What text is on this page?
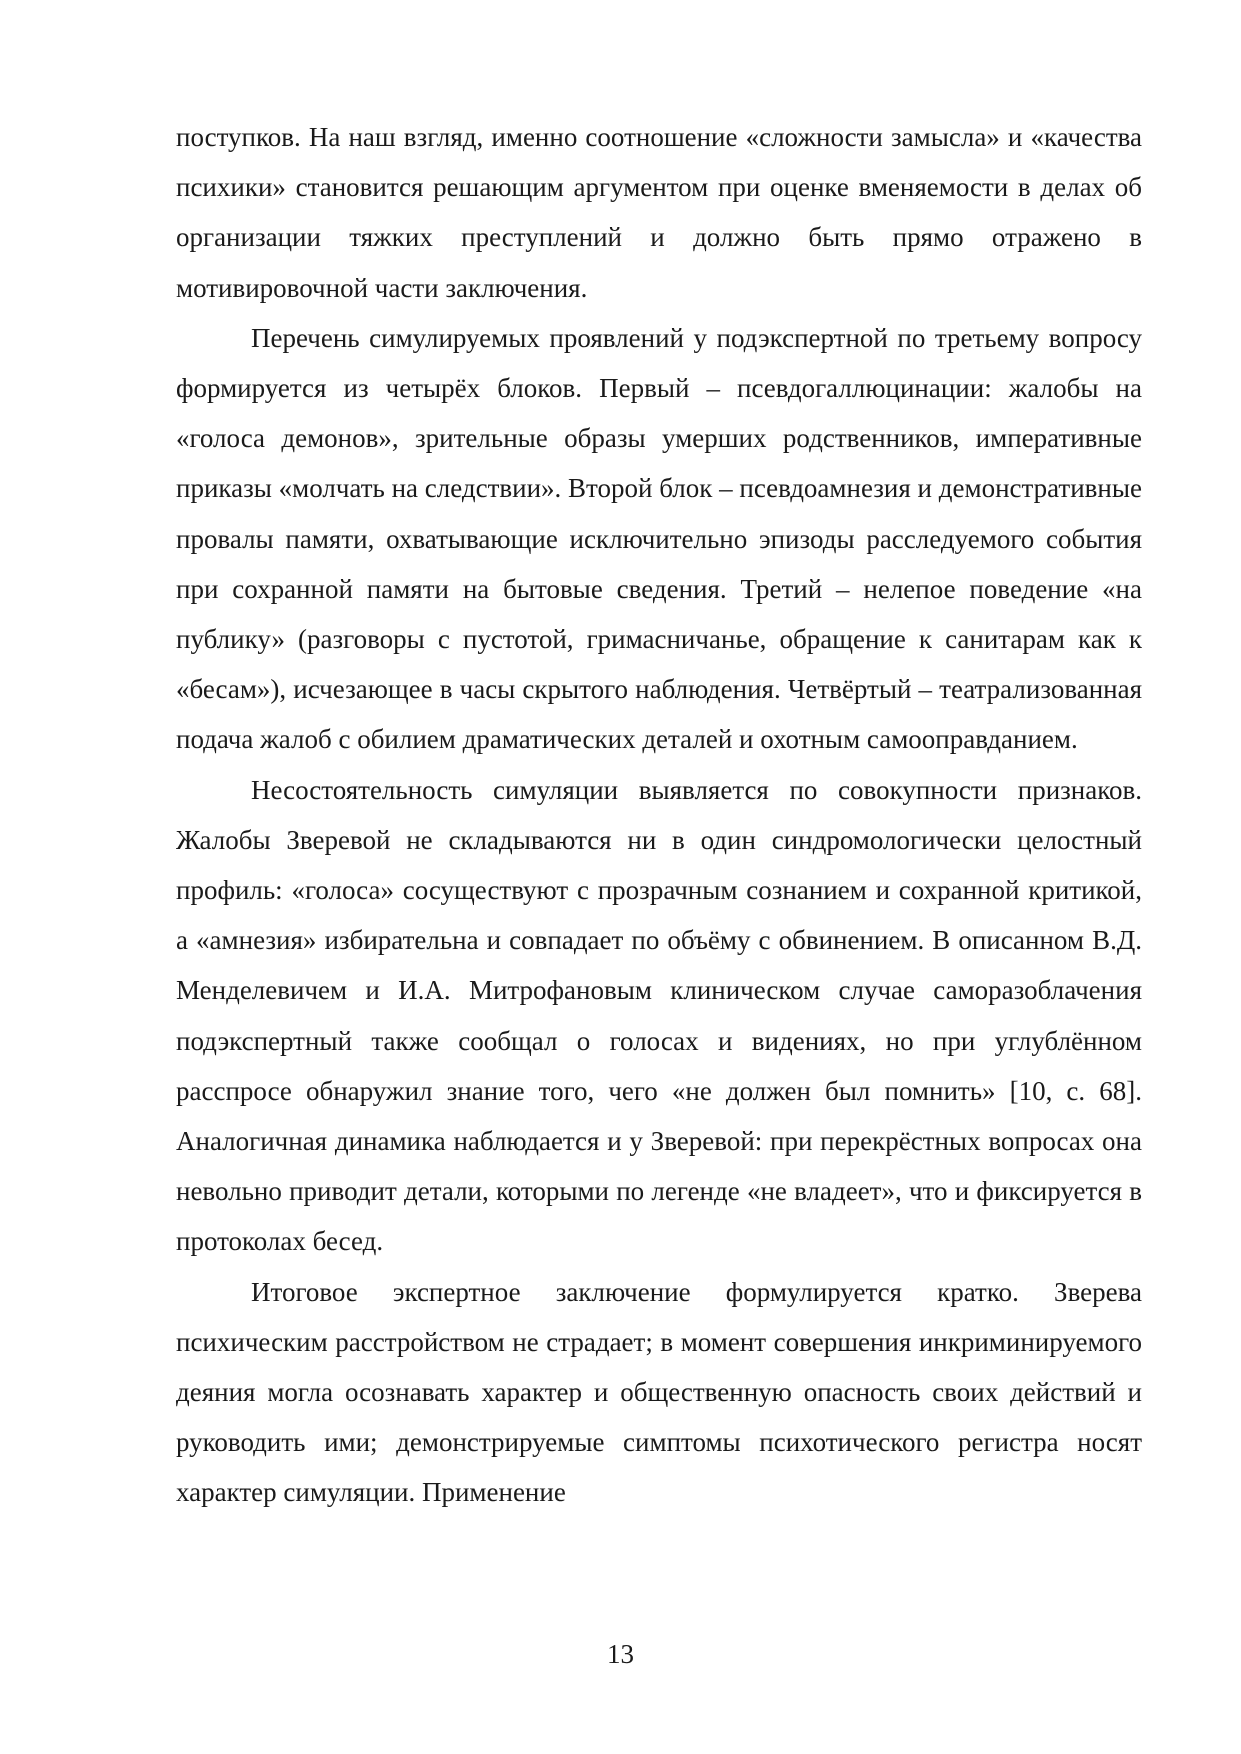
поступков. На наш взгляд, именно соотношение «сложности замысла» и «качества психики» становится решающим аргументом при оценке вменяемости в делах об организации тяжких преступлений и должно быть прямо отражено в мотивировочной части заключения.

Перечень симулируемых проявлений у подэкспертной по третьему вопросу формируется из четырёх блоков. Первый – псевдогаллюцинации: жалобы на «голоса демонов», зрительные образы умерших родственников, императивные приказы «молчать на следствии». Второй блок – псевдоамнезия и демонстративные провалы памяти, охватывающие исключительно эпизоды расследуемого события при сохранной памяти на бытовые сведения. Третий – нелепое поведение «на публику» (разговоры с пустотой, гримасничанье, обращение к санитарам как к «бесам»), исчезающее в часы скрытого наблюдения. Четвёртый – театрализованная подача жалоб с обилием драматических деталей и охотным самооправданием.

Несостоятельность симуляции выявляется по совокупности признаков. Жалобы Зверевой не складываются ни в один синдромологически целостный профиль: «голоса» сосуществуют с прозрачным сознанием и сохранной критикой, а «амнезия» избирательна и совпадает по объёму с обвинением. В описанном В.Д. Менделевичем и И.А. Митрофановым клиническом случае саморазоблачения подэкспертный также сообщал о голосах и видениях, но при углублённом расспросе обнаружил знание того, чего «не должен был помнить» [10, с. 68]. Аналогичная динамика наблюдается и у Зверевой: при перекрёстных вопросах она невольно приводит детали, которыми по легенде «не владеет», что и фиксируется в протоколах бесед.

Итоговое экспертное заключение формулируется кратко. Зверева психическим расстройством не страдает; в момент совершения инкриминируемого деяния могла осознавать характер и общественную опасность своих действий и руководить ими; демонстрируемые симптомы психотического регистра носят характер симуляции. Применение

13
